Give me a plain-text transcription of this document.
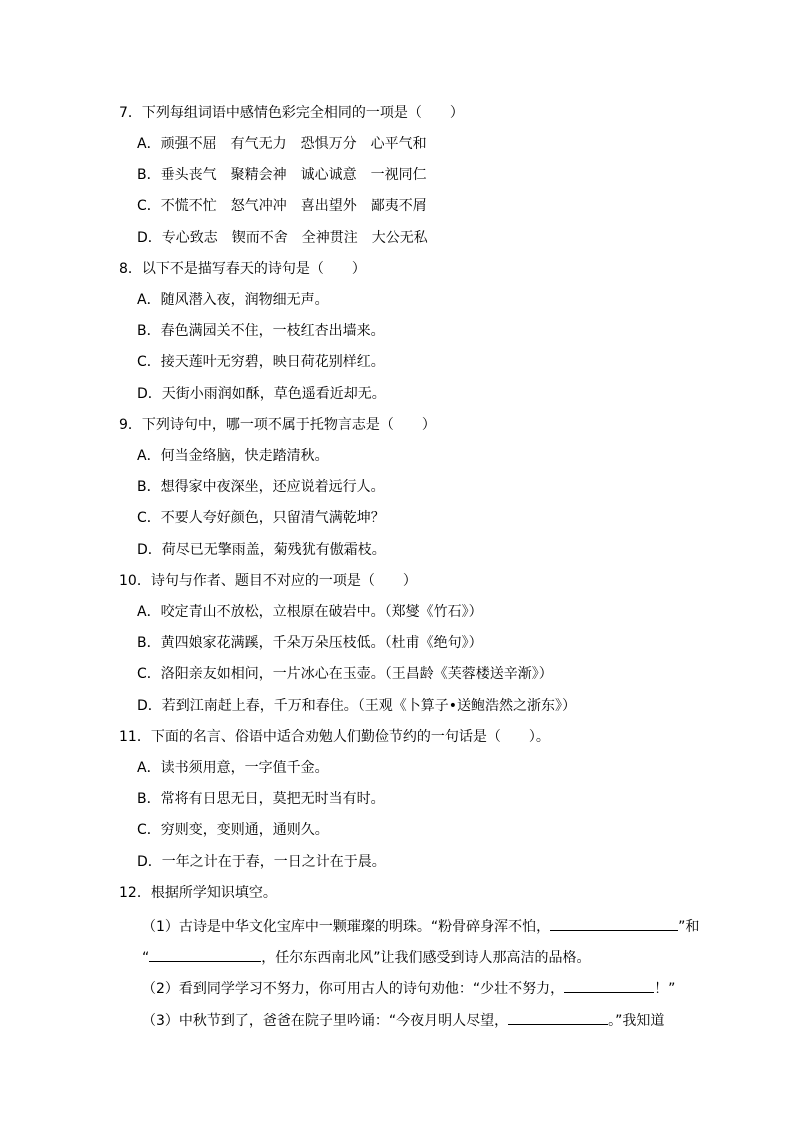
7．下列每组词语中感情色彩完全相同的一项是（　　）
A．顽强不屈 有气无力 恐惧万分 心平气和
B．垂头丧气 聚精会神 诚心诚意 一视同仁
C．不慌不忙 怒气冲冲 喜出望外 鄙夷不屑
D．专心致志 锲而不舍 全神贯注 大公无私
8．以下不是描写春天的诗句是（　　）
A．随风潜入夜，润物细无声。
B．春色满园关不住，一枝红杏出墙来。
C．接天莲叶无穷碧，映日荷花别样红。
D．天街小雨润如酥，草色遥看近却无。
9．下列诗句中，哪一项不属于托物言志是（　　）
A．何当金络脑，快走踏清秋。
B．想得家中夜深坐，还应说着远行人。
C．不要人夸好颜色，只留清气满乾坤？
D．荷尽已无擎雨盖，菊残犹有傲霜枝。
10．诗句与作者、题目不对应的一项是（　　）
A．咬定青山不放松，立根原在破岩中。（郑燮《竹石》）
B．黄四娘家花满蹊，千朵万朵压枝低。（杜甫《绝句》）
C．洛阳亲友如相问，一片冰心在玉壶。（王昌龄《芙蓉楼送辛渐》）
D．若到江南赶上春，千万和春住。（王观《卜算子•送鲍浩然之浙东》）
11．下面的名言、俗语中适合劝勉人们勤俭节约的一句话是（　　）。
A．读书须用意，一字值千金。
B．常将有日思无日，莫把无时当有时。
C．穷则变，变则通，通则久。
D．一年之计在于春，一日之计在于晨。
12．根据所学知识填空。
（1）古诗是中华文化宝库中一颗璀璨的明珠。“粉骨碎身浑不怕，	”和
“	，任尔东西南北风”让我们感受到诗人那高洁的品格。
（2）看到同学学习不努力，你可用古人的诗句劝他：“少壮不努力，	！”
（3）中秋节到了，爸爸在院子里吟诵：“今夜月明人尽望，	。”我知道
